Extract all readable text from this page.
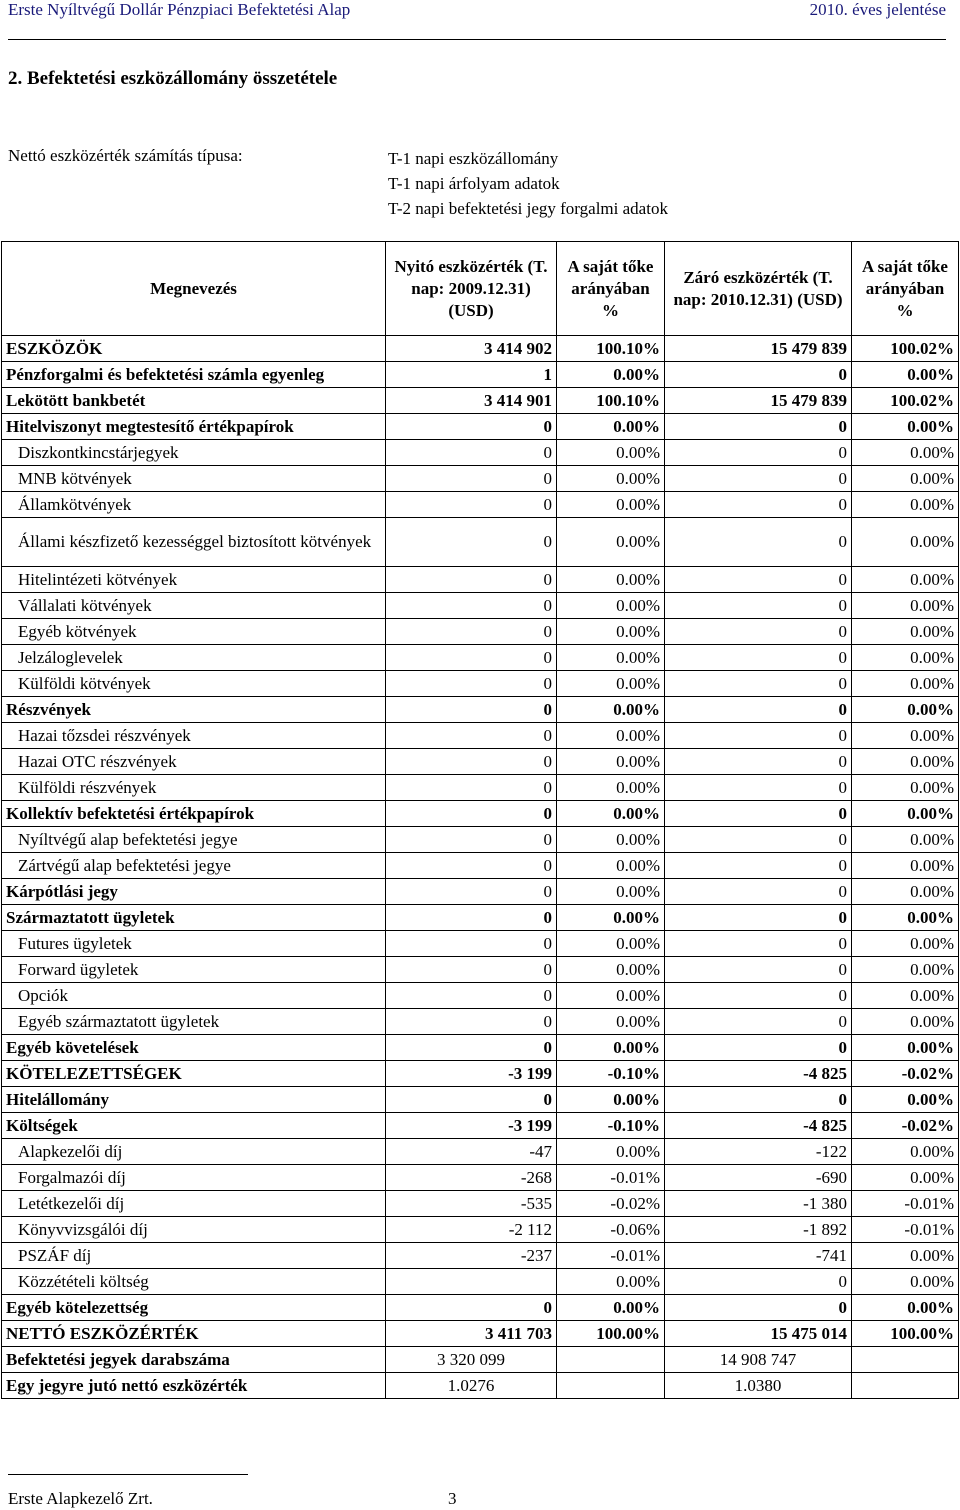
Erste Nyíltvégű Dollár Pénzpiaci Befektetési Alap	2010. éves jelentése
2. Befektetési eszközállomány összetétele
Nettó eszközérték számítás típusa:	T-1 napi eszközállomány
T-1 napi árfolyam adatok
T-2 napi befektetési jegy forgalmi adatok
Megnevezés	Nyitó eszközérték (T. nap: 2009.12.31) (USD)	A saját tőke arányában %	Záró eszközérték (T. nap: 2010.12.31) (USD)	A saját tőke arányában %
ESZKÖZÖK	3 414 902	100.10%	15 479 839	100.02%
Pénzforgalmi és befektetési számla egyenleg	1	0.00%	0	0.00%
Lekötött bankbetét	3 414 901	100.10%	15 479 839	100.02%
Hitelviszonyt megtestesítő értékpapírok	0	0.00%	0	0.00%
Diszkontkincstárjegyek	0	0.00%	0	0.00%
MNB kötvények	0	0.00%	0	0.00%
Államkötvények	0	0.00%	0	0.00%
Állami készfizető kezességgel biztosított kötvények	0	0.00%	0	0.00%
Hitelintézeti kötvények	0	0.00%	0	0.00%
Vállalati kötvények	0	0.00%	0	0.00%
Egyéb kötvények	0	0.00%	0	0.00%
Jelzáloglevelek	0	0.00%	0	0.00%
Külföldi kötvények	0	0.00%	0	0.00%
Részvények	0	0.00%	0	0.00%
Hazai tőzsdei részvények	0	0.00%	0	0.00%
Hazai OTC részvények	0	0.00%	0	0.00%
Külföldi részvények	0	0.00%	0	0.00%
Kollektív befektetési értékpapírok	0	0.00%	0	0.00%
Nyíltvégű alap befektetési jegye	0	0.00%	0	0.00%
Zártvégű alap befektetési jegye	0	0.00%	0	0.00%
Kárpótlási jegy	0	0.00%	0	0.00%
Származtatott ügyletek	0	0.00%	0	0.00%
Futures ügyletek	0	0.00%	0	0.00%
Forward ügyletek	0	0.00%	0	0.00%
Opciók	0	0.00%	0	0.00%
Egyéb származtatott ügyletek	0	0.00%	0	0.00%
Egyéb követelések	0	0.00%	0	0.00%
KÖTELEZETTSÉGEK	-3 199	-0.10%	-4 825	-0.02%
Hitelállomány	0	0.00%	0	0.00%
Költségek	-3 199	-0.10%	-4 825	-0.02%
Alapkezelői díj	-47	0.00%	-122	0.00%
Forgalmazói díj	-268	-0.01%	-690	0.00%
Letétkezelői díj	-535	-0.02%	-1 380	-0.01%
Könyvvizsgálói díj	-2 112	-0.06%	-1 892	-0.01%
PSZÁF díj	-237	-0.01%	-741	0.00%
Közzétételi költség		0.00%	0	0.00%
Egyéb kötelezettség	0	0.00%	0	0.00%
NETTÓ ESZKÖZÉRTÉK	3 411 703	100.00%	15 475 014	100.00%
Befektetési jegyek darabszáma	3 320 099		14 908 747	
Egy jegyre jutó nettó eszközérték	1.0276		1.0380	
Erste Alapkezelő Zrt.	3
